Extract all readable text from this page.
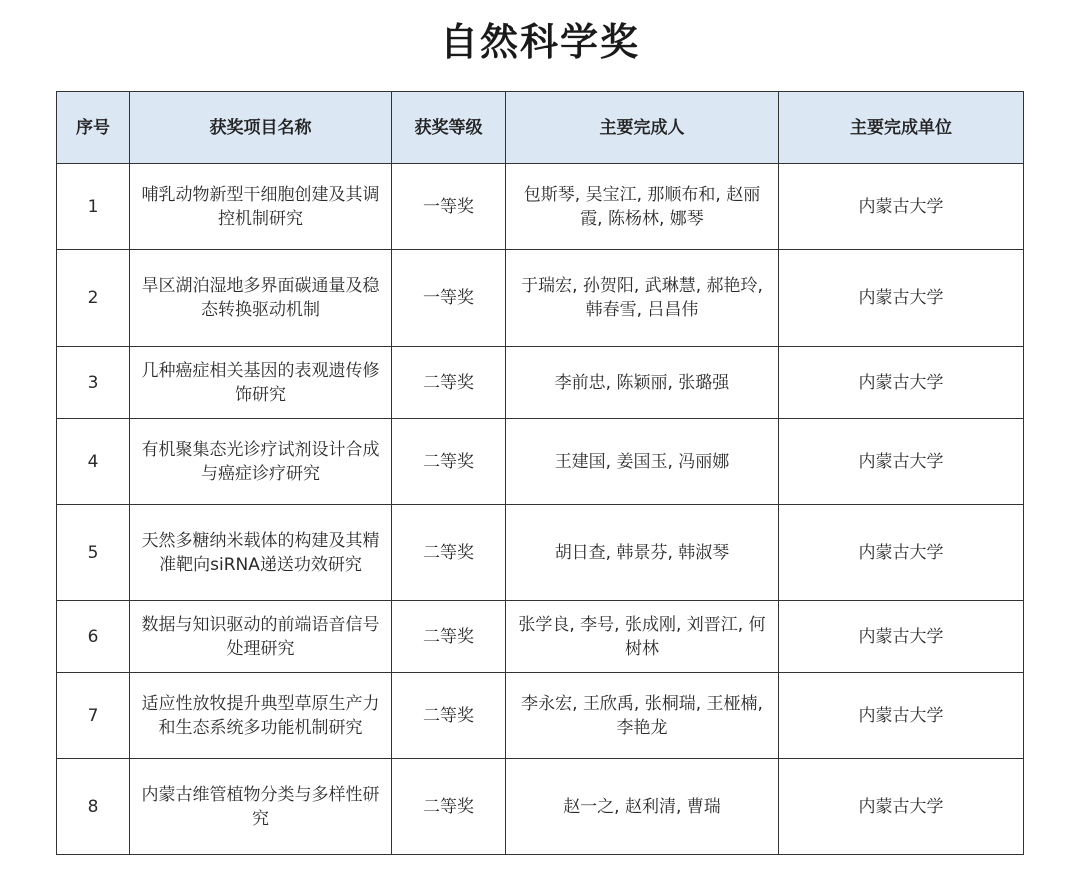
自然科学奖
序号	获奖项目名称	获奖等级	主要完成人	主要完成单位
1	哺乳动物新型干细胞创建及其调控机制研究	一等奖	包斯琴, 吴宝江, 那顺布和, 赵丽霞, 陈杨林, 娜琴	内蒙古大学
2	旱区湖泊湿地多界面碳通量及稳态转换驱动机制	一等奖	于瑞宏, 孙贺阳, 武琳慧, 郝艳玲, 韩春雪, 吕昌伟	内蒙古大学
3	几种癌症相关基因的表观遗传修饰研究	二等奖	李前忠, 陈颖丽, 张璐强	内蒙古大学
4	有机聚集态光诊疗试剂设计合成与癌症诊疗研究	二等奖	王建国, 姜国玉, 冯丽娜	内蒙古大学
5	天然多糖纳米载体的构建及其精准靶向siRNA递送功效研究	二等奖	胡日查, 韩景芬, 韩淑琴	内蒙古大学
6	数据与知识驱动的前端语音信号处理研究	二等奖	张学良, 李号, 张成刚, 刘晋江, 何树林	内蒙古大学
7	适应性放牧提升典型草原生产力和生态系统多功能机制研究	二等奖	李永宏, 王欣禹, 张桐瑞, 王桠楠, 李艳龙	内蒙古大学
8	内蒙古维管植物分类与多样性研究	二等奖	赵一之, 赵利清, 曹瑞	内蒙古大学
